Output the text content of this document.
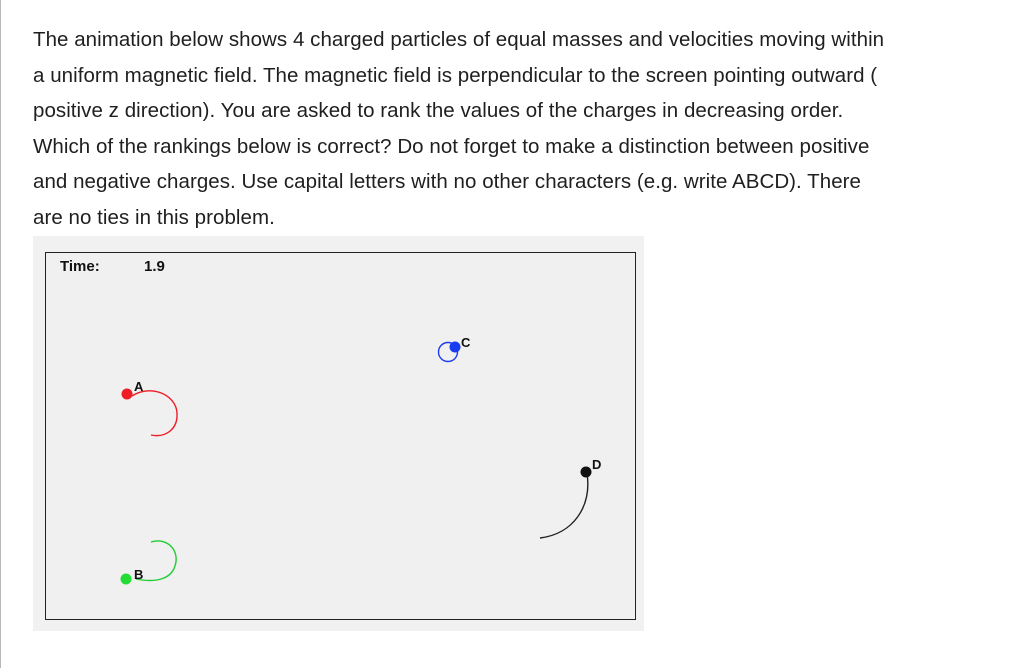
The animation below shows 4 charged particles of equal masses and velocities moving within
a uniform magnetic field. The magnetic field is perpendicular to the screen pointing outward (
positive z direction). You are asked to rank the values of the charges in decreasing order.
Which of the rankings below is correct? Do not forget to make a distinction between positive
and negative charges. Use capital letters with no other characters (e.g. write ABCD). There
are no ties in this problem.

Time:	1.9
A
B
C
D
